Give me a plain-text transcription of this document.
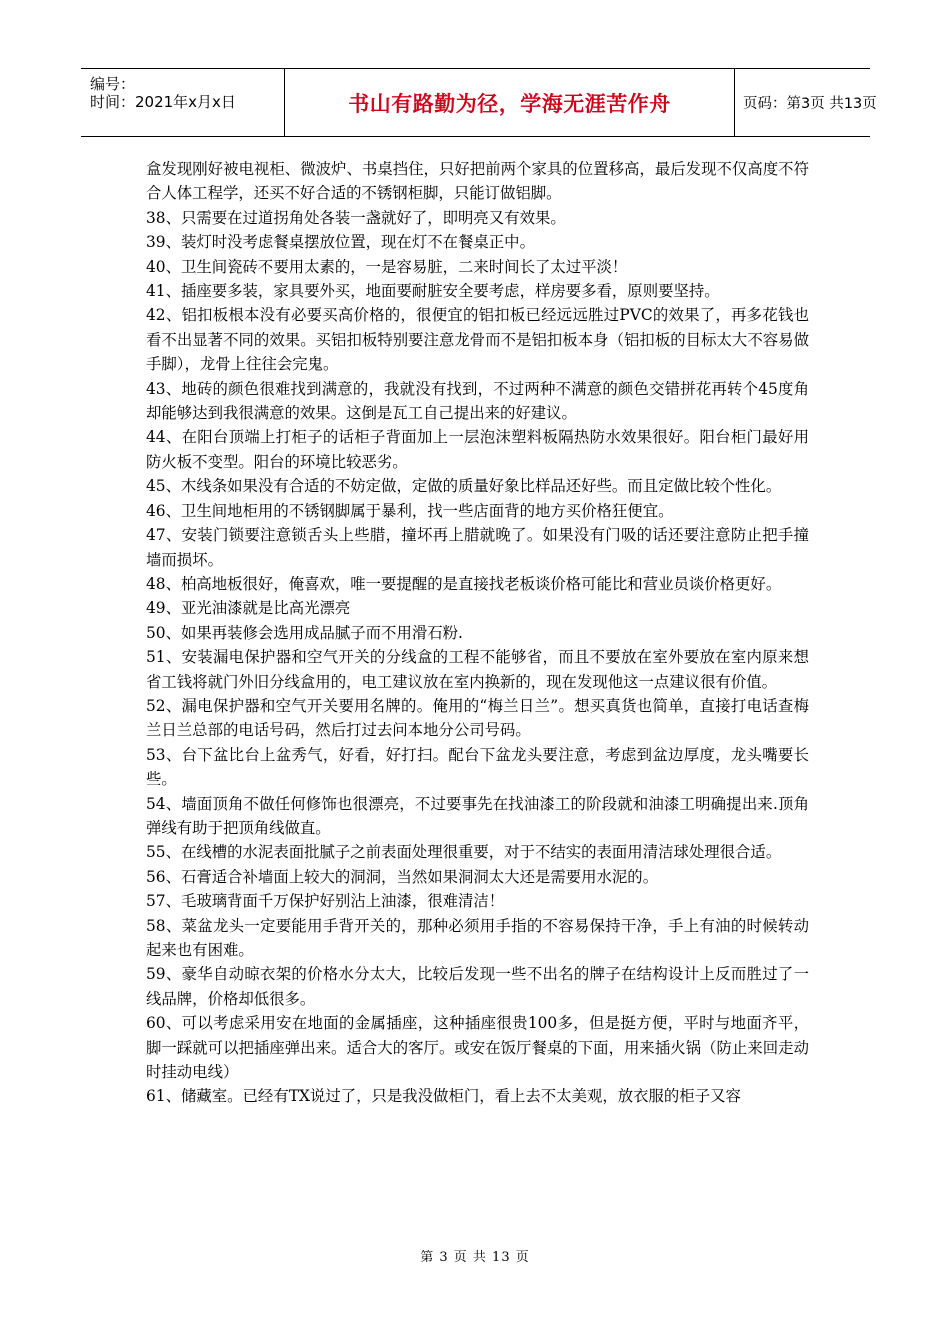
编号：
时间：2021年x月x日	书山有路勤为径，学海无涯苦作舟	页码：第3页 共13页

盒发现刚好被电视柜、微波炉、书桌挡住，只好把前两个家具的位置移高，最后发现不仅高度不符合人体工程学，还买不好合适的不锈钢柜脚，只能订做铝脚。

38、只需要在过道拐角处各装一盏就好了，即明亮又有效果。

39、装灯时没考虑餐桌摆放位置，现在灯不在餐桌正中。

40、卫生间瓷砖不要用太素的，一是容易脏，二来时间长了太过平淡！

41、插座要多装，家具要外买，地面要耐脏安全要考虑，样房要多看，原则要坚持。

42、铝扣板根本没有必要买高价格的，很便宜的铝扣板已经远远胜过PVC的效果了，再多花钱也看不出显著不同的效果。买铝扣板特别要注意龙骨而不是铝扣板本身（铝扣板的目标太大不容易做手脚），龙骨上往往会完鬼。

43、地砖的颜色很难找到满意的，我就没有找到，不过两种不满意的颜色交错拼花再转个45度角却能够达到我很满意的效果。这倒是瓦工自己提出来的好建议。

44、在阳台顶端上打柜子的话柜子背面加上一层泡沫塑料板隔热防水效果很好。阳台柜门最好用防火板不变型。阳台的环境比较恶劣。

45、木线条如果没有合适的不妨定做，定做的质量好象比样品还好些。而且定做比较个性化。

46、卫生间地柜用的不锈钢脚属于暴利，找一些店面背的地方买价格狂便宜。

47、安装门锁要注意锁舌头上些腊，撞坏再上腊就晚了。如果没有门吸的话还要注意防止把手撞墙而损坏。

48、柏高地板很好，俺喜欢，唯一要提醒的是直接找老板谈价格可能比和营业员谈价格更好。

49、亚光油漆就是比高光漂亮

50、如果再装修会选用成品腻子而不用滑石粉.

51、安装漏电保护器和空气开关的分线盒的工程不能够省，而且不要放在室外要放在室内原来想省工钱将就门外旧分线盒用的，电工建议放在室内换新的，现在发现他这一点建议很有价值。

52、漏电保护器和空气开关要用名牌的。俺用的“梅兰日兰”。想买真货也简单，直接打电话查梅兰日兰总部的电话号码，然后打过去问本地分公司号码。

53、台下盆比台上盆秀气，好看，好打扫。配台下盆龙头要注意，考虑到盆边厚度，龙头嘴要长些。

54、墙面顶角不做任何修饰也很漂亮，不过要事先在找油漆工的阶段就和油漆工明确提出来.顶角弹线有助于把顶角线做直。

55、在线槽的水泥表面批腻子之前表面处理很重要，对于不结实的表面用清洁球处理很合适。

56、石膏适合补墙面上较大的洞洞，当然如果洞洞太大还是需要用水泥的。

57、毛玻璃背面千万保护好别沾上油漆，很难清洁！

58、菜盆龙头一定要能用手背开关的，那种必须用手指的不容易保持干净，手上有油的时候转动起来也有困难。

59、豪华自动晾衣架的价格水分太大，比较后发现一些不出名的牌子在结构设计上反而胜过了一线品牌，价格却低很多。

60、可以考虑采用安在地面的金属插座，这种插座很贵100多，但是挺方便，平时与地面齐平，脚一踩就可以把插座弹出来。适合大的客厅。或安在饭厅餐桌的下面，用来插火锅（防止来回走动时挂动电线）

61、储藏室。已经有TX说过了，只是我没做柜门，看上去不太美观，放衣服的柜子又容

第 3 页 共 13 页
